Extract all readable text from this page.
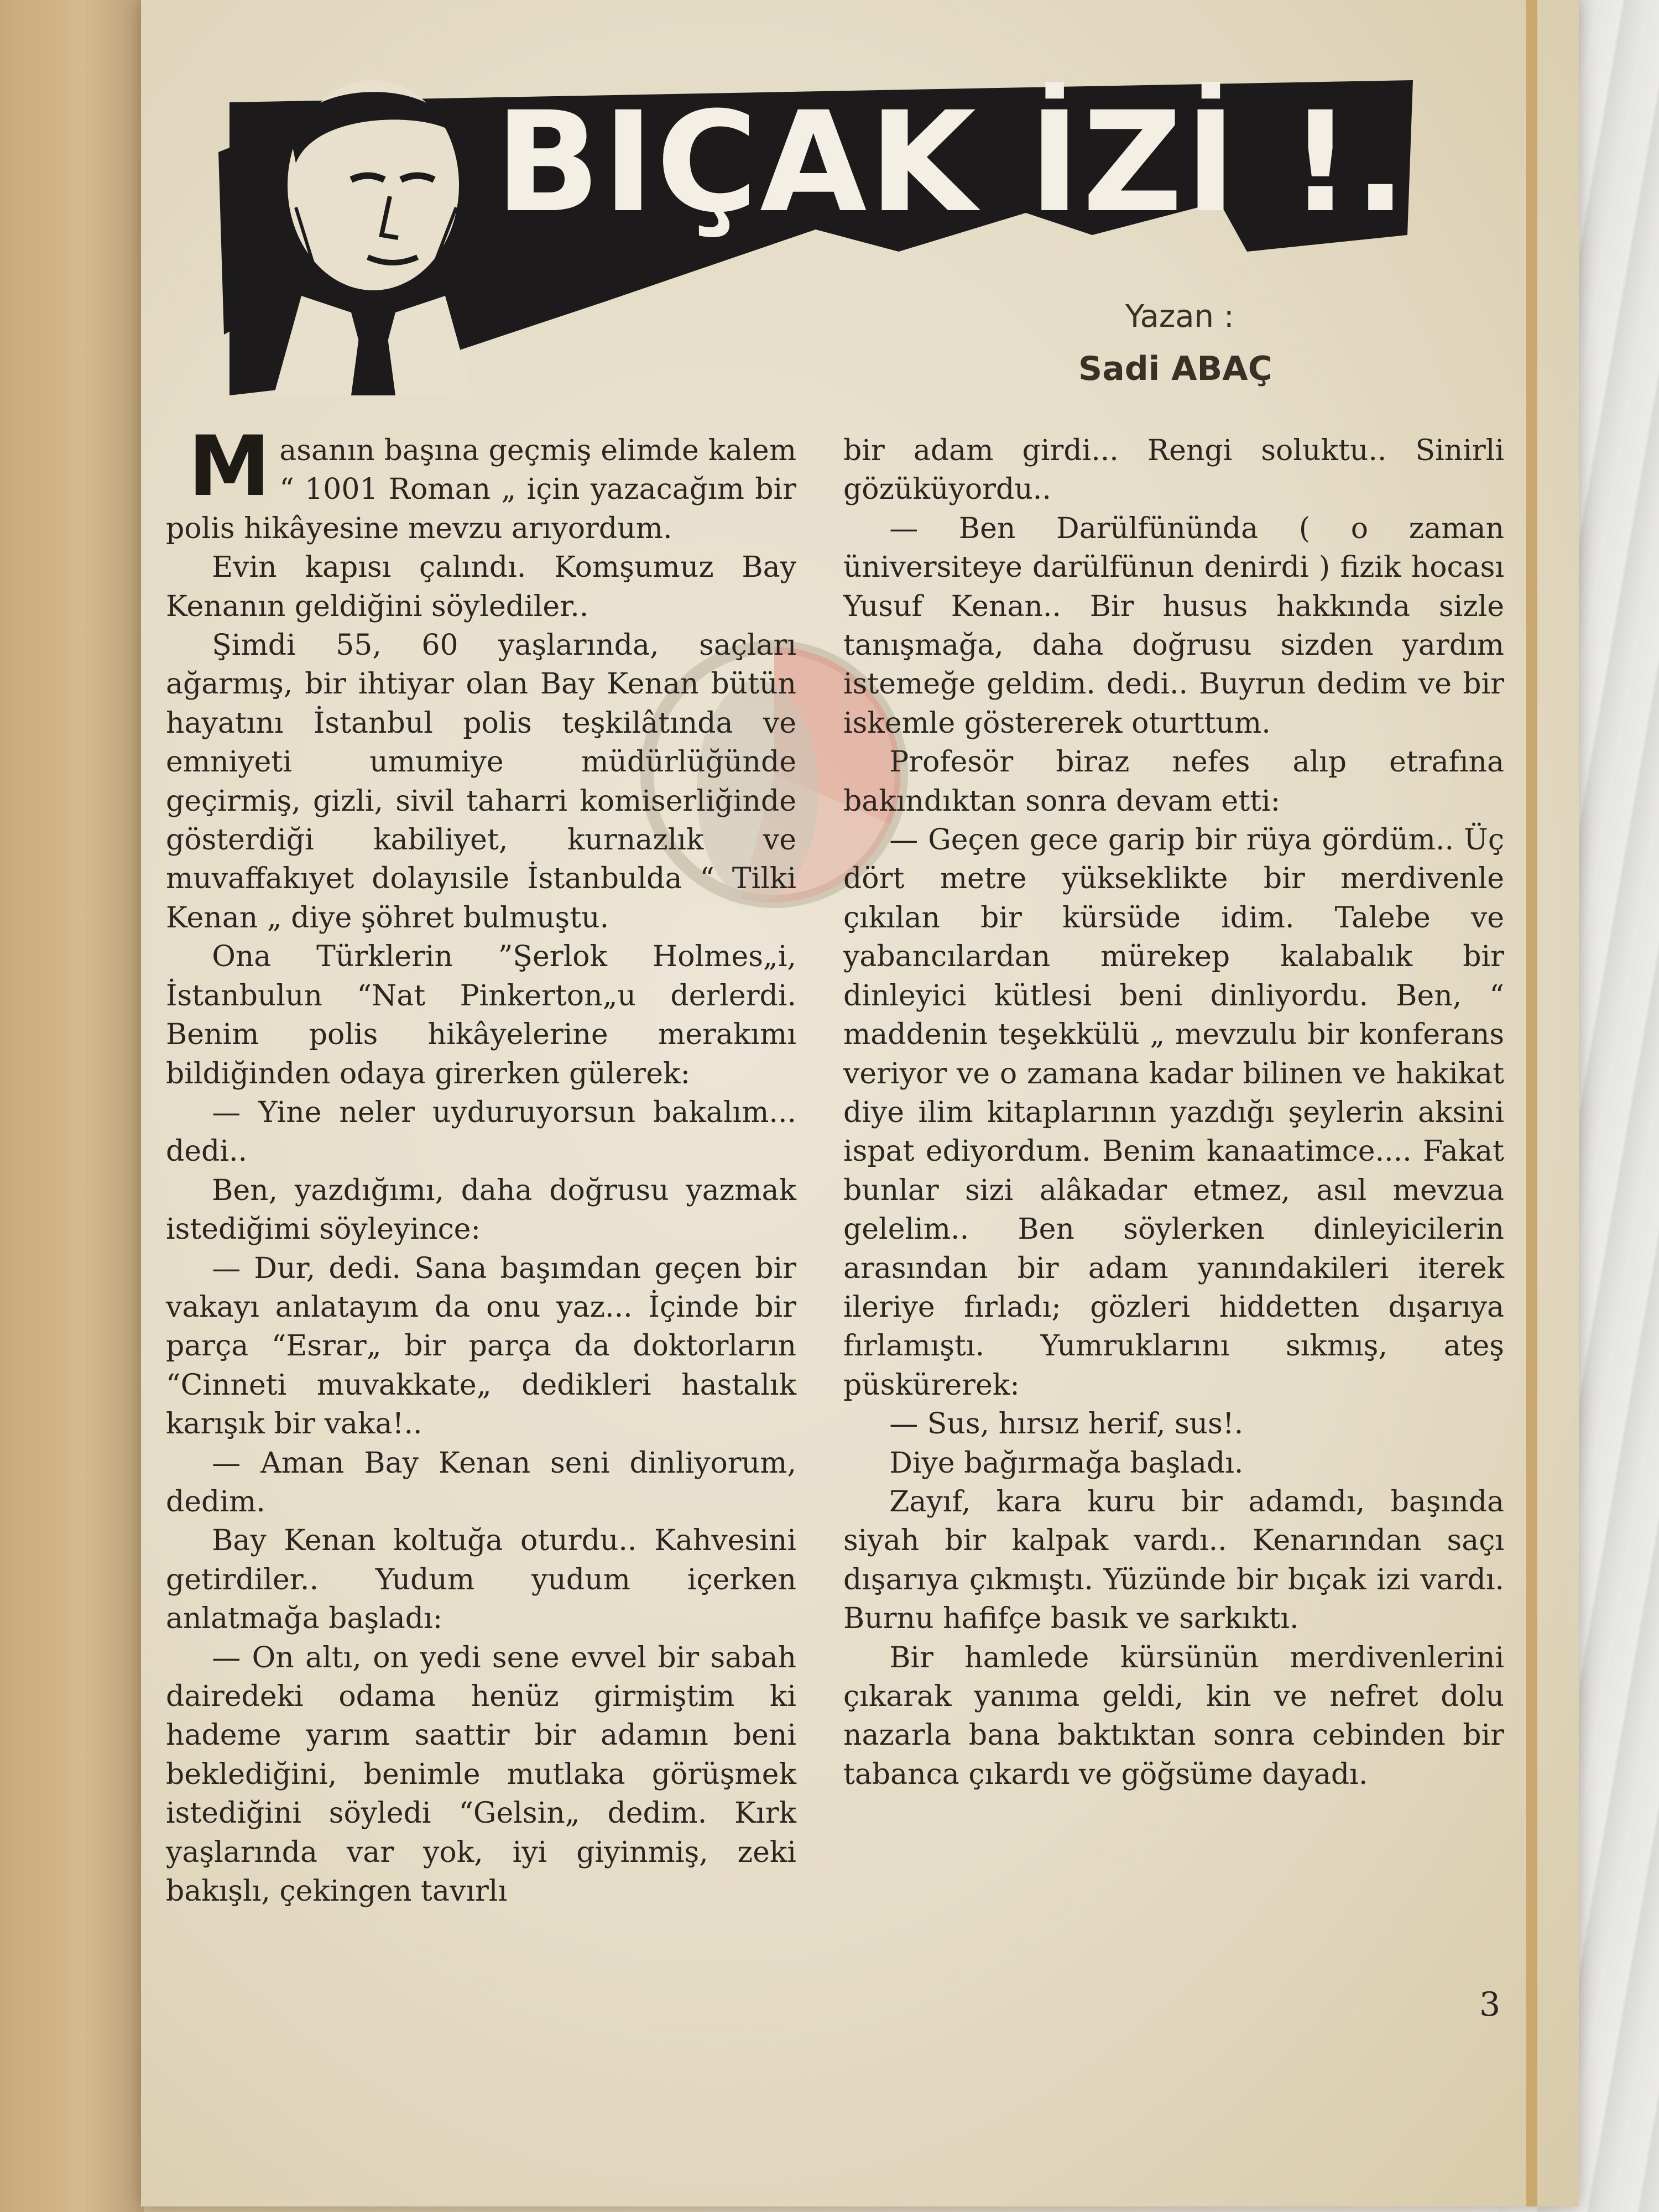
BIÇAK İZİ !..
Yazan :
Sadi ABAÇ

Masanın başına geçmiş elimde kalem “ 1001 Roman „ için yazacağım bir polis hikâyesine mevzu arıyordum.

Evin kapısı çalındı. Komşumuz Bay Kenanın geldiğini söylediler..

Şimdi 55, 60 yaşlarında, saçları ağarmış, bir ihtiyar olan Bay Kenan bütün hayatını İstanbul polis teşkilâtında ve emniyeti umumiye müdürlüğünde geçirmiş, gizli, sivil taharri komiserliğinde gösterdiği kabiliyet, kurnazlık ve muvaffakıyet dolayısile İstanbulda “ Tilki Kenan „ diye şöhret bulmuştu.

Ona Türklerin ”Şerlok Holmes„i, İstanbulun “Nat Pinkerton„u derlerdi. Benim polis hikâyelerine merakımı bildiğinden odaya girerken gülerek:

— Yine neler uyduruyorsun bakalım... dedi..

Ben, yazdığımı, daha doğrusu yazmak istediğimi söyleyince:

— Dur, dedi. Sana başımdan geçen bir vakayı anlatayım da onu yaz... İçinde bir parça “Esrar„ bir parça da doktorların “Cinneti muvakkate„ dedikleri hastalık karışık bir vaka!..

— Aman Bay Kenan seni dinliyorum, dedim.

Bay Kenan koltuğa oturdu.. Kahvesini getirdiler.. Yudum yudum içerken anlatmağa başladı:

— On altı, on yedi sene evvel bir sabah dairedeki odama henüz girmiştim ki hademe yarım saattir bir adamın beni beklediğini, benimle mutlaka görüşmek istediğini söyledi “Gelsin„ dedim. Kırk yaşlarında var yok, iyi giyinmiş, zeki bakışlı, çekingen tavırlı

bir adam girdi... Rengi soluktu.. Sinirli gözüküyordu..

— Ben Darülfününda ( o zaman üniversiteye darülfünun denirdi ) fizik hocası Yusuf Kenan.. Bir husus hakkında sizle tanışmağa, daha doğrusu sizden yardım istemeğe geldim. dedi.. Buyrun dedim ve bir iskemle göstererek oturttum.

Profesör biraz nefes alıp etrafına bakındıktan sonra devam etti:

— Geçen gece garip bir rüya gördüm.. Üç dört metre yükseklikte bir merdivenle çıkılan bir kürsüde idim. Talebe ve yabancılardan mürekep kalabalık bir dinleyici kütlesi beni dinliyordu. Ben, “ maddenin teşekkülü „ mevzulu bir konferans veriyor ve o zamana kadar bilinen ve hakikat diye ilim kitaplarının yazdığı şeylerin aksini ispat ediyordum. Benim kanaatimce.... Fakat bunlar sizi alâkadar etmez, asıl mevzua gelelim.. Ben söylerken dinleyicilerin arasından bir adam yanındakileri iterek ileriye fırladı; gözleri hiddetten dışarıya fırlamıştı. Yumruklarını sıkmış, ateş püskürerek:

— Sus, hırsız herif, sus!.

Diye bağırmağa başladı.

Zayıf, kara kuru bir adamdı, başında siyah bir kalpak vardı.. Kenarından saçı dışarıya çıkmıştı. Yüzünde bir bıçak izi vardı. Burnu hafifçe basık ve sarkıktı.

Bir hamlede kürsünün merdivenlerini çıkarak yanıma geldi, kin ve nefret dolu nazarla bana baktıktan sonra cebinden bir tabanca çıkardı ve göğsüme dayadı.

3
